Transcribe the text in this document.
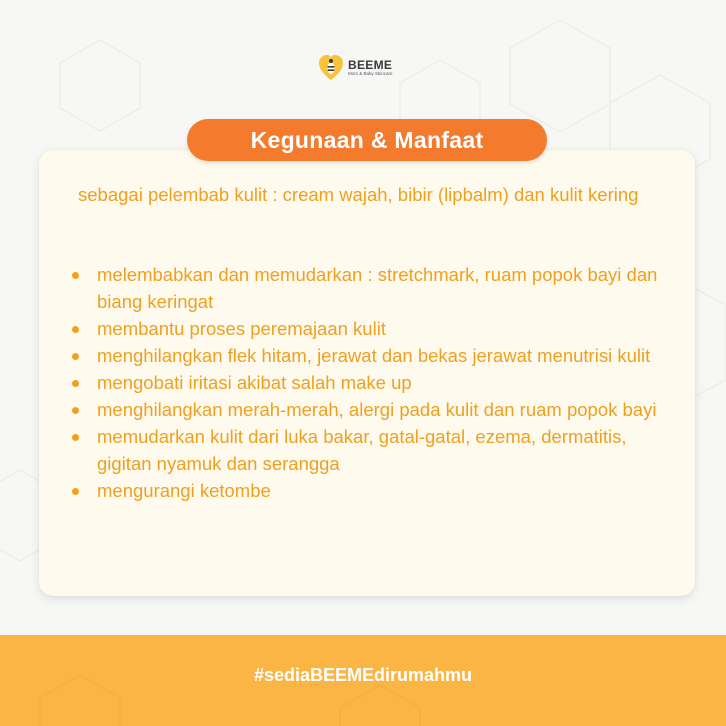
BEEME
Mom & Baby Skincare
Kegunaan & Manfaat
sebagai pelembab kulit : cream wajah, bibir (lipbalm) dan kulit kering
melembabkan dan memudarkan : stretchmark, ruam popok bayi dan biang keringat
membantu proses peremajaan kulit
menghilangkan flek hitam, jerawat dan bekas jerawat menutrisi kulit
mengobati iritasi akibat salah make up
menghilangkan merah-merah, alergi pada kulit dan ruam popok bayi
memudarkan kulit dari luka bakar, gatal-gatal, ezema, dermatitis, gigitan nyamuk dan serangga
mengurangi ketombe
#sediaBEEMEdirumahmu
